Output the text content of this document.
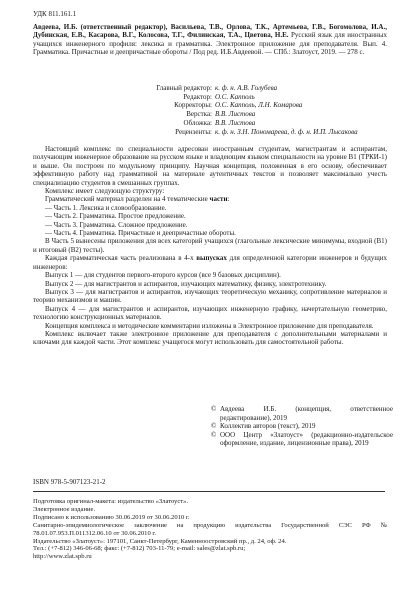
УДК 811.161.1

Авдеева, И.Б. (ответственный редактор), Васильева, Т.В., Орлова, Т.К., Артемьева, Г.В., Богомолова, И.А., Дубинская, Е.В., Касарова, В.Г., Колосова, Т.Г., Филинская, Т.А., Цветова, Н.Е. Русский язык для иностранных учащихся инженерного профиля: лексика и грамматика. Электронное приложение для преподавателя. Вып. 4. Грамматика. Причастные и деепричастные обороты / Под ред. И.Б.Авдеевой. — СПб.: Златоуст, 2019. — 278 с.

Главный редактор: к. ф. н. А.В. Голубева
Редактор: О.С. Капполь
Корректоры: О.С. Капполь, Л.Н. Комарова
Верстка: В.В. Листова
Обложка: В.В. Листова
Рецензенты: к. ф. н. З.Н. Пономарева, д. ф. н. И.П. Лысакова

Настоящий комплекс по специальности адресован иностранным студентам, магистрантам и аспирантам, получающим инженерное образование на русском языке и владеющим языком специальности на уровне В1 (ТРКИ-1) и выше. Он построен по модульному принципу. Научная концепция, положенная в его основу, обеспечивает эффективную работу над грамматикой на материале аутентичных текстов и позволяет максимально учесть специализацию студентов в смешанных группах.

Комплекс имеет следующую структуру:

Грамматический материал разделен на 4 тематические части:

— Часть 1. Лексика и словообразование.
— Часть 2. Грамматика. Простое предложение.
— Часть 3. Грамматика. Сложное предложение.
— Часть 4. Грамматика. Причастные и деепричастные обороты.

В Часть 5 вынесены приложения для всех категорий учащихся (глагольные лексические минимумы, входной (В1) и итоговый (В2) тесты).

Каждая грамматическая часть реализована в 4-х выпусках для определенной категории инженеров и будущих инженеров:

Выпуск 1 — для студентов первого-второго курсов (все 9 базовых дисциплин).

Выпуск 2 — для магистрантов и аспирантов, изучающих математику, физику, электротехнику.

Выпуск 3 — для магистрантов и аспирантов, изучающих теоретическую механику, сопротивление материалов и теорию механизмов и машин.

Выпуск 4 — для магистрантов и аспирантов, изучающих инженерную графику, начертательную геометрию, технологию конструкционных материалов.

Концепция комплекса и методические комментарии изложены в Электронное приложение для преподавателя.

Комплекс включает также электронное приложение для преподавателя с дополнительными материалами и ключами для каждой части. Этот комплекс учащегося могут использовать для самостоятельной работы.

© Авдеева И.Б. (концепция, ответственное редактирование), 2019
© Коллектив авторов (текст), 2019
© ООО Центр «Златоуст» (редакционно-издательское оформление, издание, лицензионные права), 2019

ISBN 978-5-907123-21-2

Подготовка оригинал-макета: издательство «Златоуст».

Электронное издание.

Подписано к использованию 30.06.2019 от 30.06.2010 г.

Санитарно-эпидемиологическое заключение на продукцию издательства Государственной СЭС РФ № 78.01.07.953.П.011312.06.10 от 30.06.2010 г.

Издательство «Златоуст»: 197101, Санкт-Петербург, Каменноостровский пр., д. 24, оф. 24.

Тел.: (+7-812) 346-06-68; факс: (+7-812) 703-11-79; e-mail: sales@zlat.spb.ru;

http://www.zlat.spb.ru
